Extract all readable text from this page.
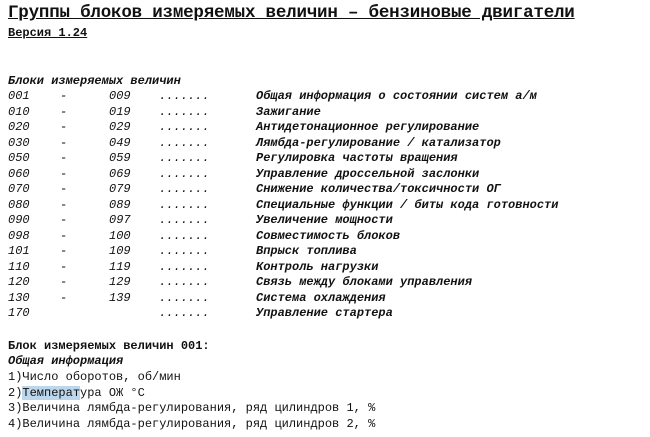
Группы блоков измеряемых величин – бензиновые двигатели
Версия 1.24
Блоки измеряемых величин
001	-	009 .......	Общая информация о состоянии систем а/м
010	-	019 .......	Зажигание
020	-	029 .......	Антидетонационное регулирование
030	-	049 .......	Лямбда-регулирование / катализатор
050	-	059 .......	Регулировка частоты вращения
060	-	069 .......	Управление дроссельной заслонки
070	-	079 .......	Снижение количества/токсичности ОГ
080	-	089 .......	Специальные функции / биты кода готовности
090	-	097 .......	Увеличение мощности
098	-	100 .......	Совместимость блоков
101	-	109 .......	Впрыск топлива
110	-	119 .......	Контроль нагрузки
120	-	129 .......	Связь между блоками управления
130	-	139 .......	Система охлаждения
170	.......	Управление стартера
Блок измеряемых величин 001:
Общая информация
1)Число оборотов, об/мин
2)Температура ОЖ °С
3)Величина лямбда-регулирования, ряд цилиндров 1, %
4)Величина лямбда-регулирования, ряд цилиндров 2, %
